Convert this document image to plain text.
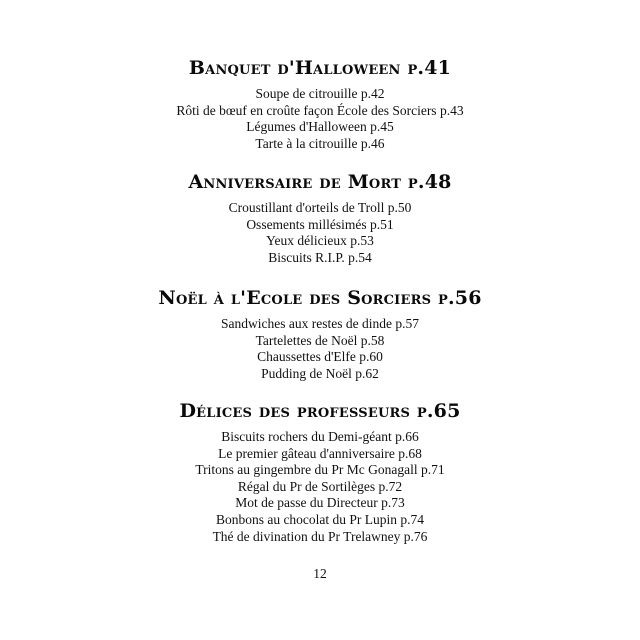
Banquet d'Halloween p.41
Soupe de citrouille p.42
Rôti de bœuf en croûte façon École des Sorciers p.43
Légumes d'Halloween p.45
Tarte à la citrouille p.46
Anniversaire de Mort p.48
Croustillant d'orteils de Troll p.50
Ossements millésimés p.51
Yeux délicieux p.53
Biscuits R.I.P. p.54
Noël à l'Ecole des Sorciers p.56
Sandwiches aux restes de dinde p.57
Tartelettes de Noël p.58
Chaussettes d'Elfe p.60
Pudding de Noël p.62
Délices des professeurs p.65
Biscuits rochers du Demi-géant p.66
Le premier gâteau d'anniversaire p.68
Tritons au gingembre du Pr Mc Gonagall p.71
Régal du Pr de Sortilèges p.72
Mot de passe du Directeur p.73
Bonbons au chocolat du Pr Lupin p.74
Thé de divination du Pr Trelawney p.76
12
